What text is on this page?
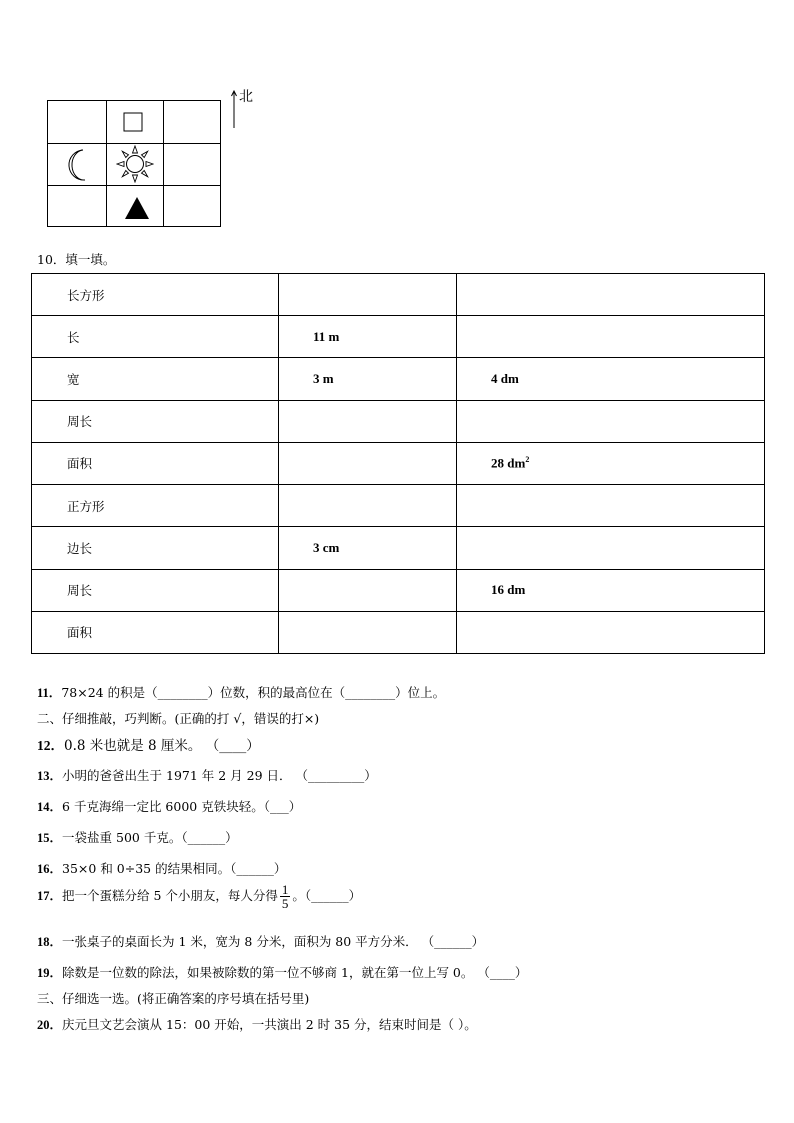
北
10．填一填。
长方形		
长	11 m	
宽	3 m	4 dm
周长		
面积		28 $dm^2$
正方形		
边长	3 cm	
周长		16 dm
面积		
11．78×24 的积是（________）位数，积的最高位在（________）位上。
二、仔细推敲，巧判断。(正确的打 √，错误的打×)
12．0.8 米也就是 8 厘米。 （____）
13．小明的爸爸出生于 1971 年 2 月 29 日． （_________）
14．6 千克海绵一定比 6000 克铁块轻。（___）
15．一袋盐重 500 千克。（______）
16．35×0 和 0÷35 的结果相同。（______）
17．把一个蛋糕分给 5 个小朋友，每人分得 $\frac{1}{5}$ 。（______）
18．一张桌子的桌面长为 1 米，宽为 8 分米，面积为 80 平方分米． （______）
19．除数是一位数的除法，如果被除数的第一位不够商 1，就在第一位上写 0。 （____）
三、仔细选一选。(将正确答案的序号填在括号里)
20．庆元旦文艺会演从 15：00 开始，一共演出 2 时 35 分，结束时间是（ ）。
